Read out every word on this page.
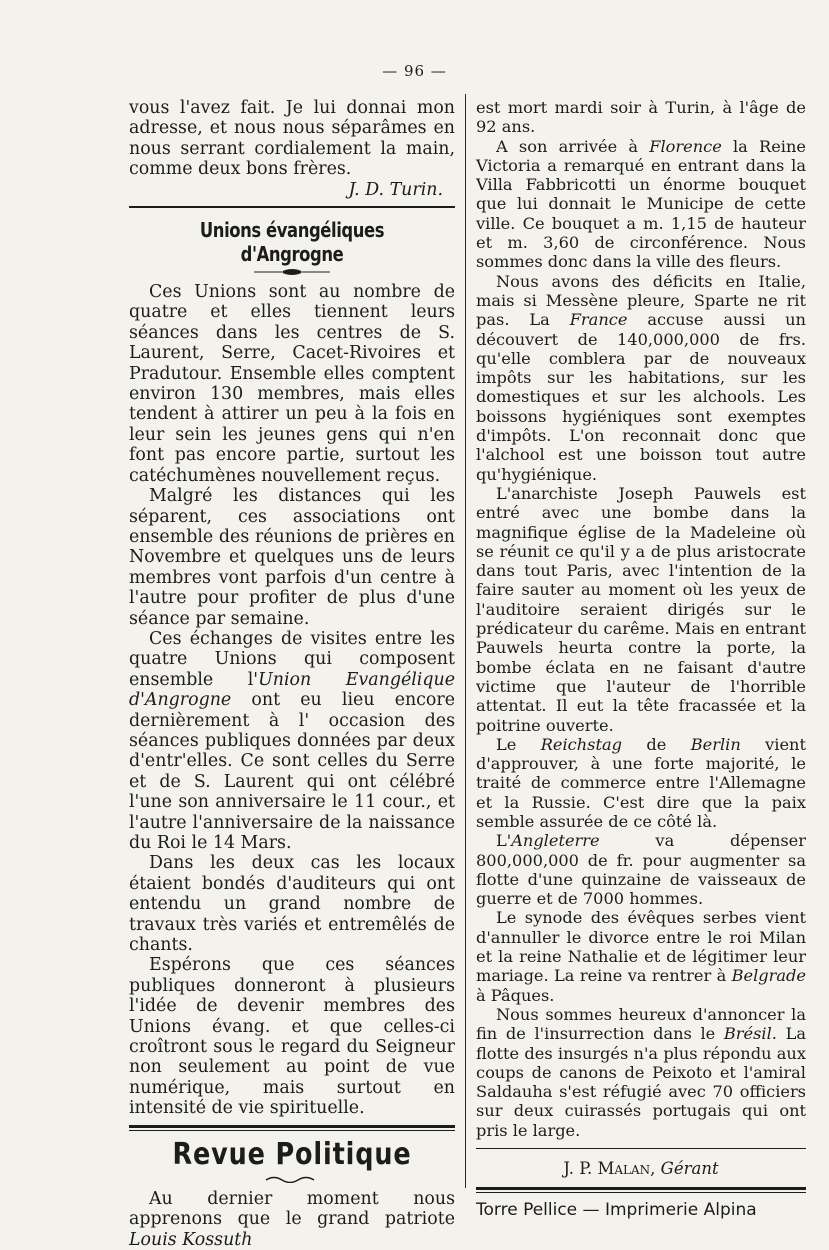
— 96 —

vous l'avez fait. Je lui donnai mon adresse, et nous nous séparâmes en nous serrant cordialement la main, comme deux bons frères.

J. D. Turin.

Unions évangéliques d'Angrogne

Ces Unions sont au nombre de quatre et elles tiennent leurs séances dans les centres de S. Laurent, Serre, Cacet-Rivoires et Pradutour. Ensemble elles comptent environ 130 membres, mais elles tendent à attirer un peu à la fois en leur sein les jeunes gens qui n'en font pas encore partie, surtout les catéchumènes nouvellement reçus.

Malgré les distances qui les séparent, ces associations ont ensemble des réunions de prières en Novembre et quelques uns de leurs membres vont parfois d'un centre à l'autre pour profiter de plus d'une séance par semaine.

Ces échanges de visites entre les quatre Unions qui composent ensemble l'Union Evangélique d'Angrogne ont eu lieu encore dernièrement à l' occasion des séances publiques données par deux d'entr'elles. Ce sont celles du Serre et de S. Laurent qui ont célébré l'une son anniversaire le 11 cour., et l'autre l'anniversaire de la naissance du Roi le 14 Mars.

Dans les deux cas les locaux étaient bondés d'auditeurs qui ont entendu un grand nombre de travaux très variés et entremêlés de chants.

Espérons que ces séances publiques donneront à plusieurs l'idée de devenir membres des Unions évang. et que celles-ci croîtront sous le regard du Seigneur non seulement au point de vue numérique, mais surtout en intensité de vie spirituelle.

Revue Politique

Au dernier moment nous apprenons que le grand patriote Louis Kossuth

est mort mardi soir à Turin, à l'âge de 92 ans.

A son arrivée à Florence la Reine Victoria a remarqué en entrant dans la Villa Fabbricotti un énorme bouquet que lui donnait le Municipe de cette ville. Ce bouquet a m. 1,15 de hauteur et m. 3,60 de circonférence. Nous sommes donc dans la ville des fleurs.

Nous avons des déficits en Italie, mais si Messène pleure, Sparte ne rit pas. La France accuse aussi un découvert de 140,000,000 de frs. qu'elle comblera par de nouveaux impôts sur les habitations, sur les domestiques et sur les alchools. Les boissons hygiéniques sont exemptes d'impôts. L'on reconnait donc que l'alchool est une boisson tout autre qu'hygiénique.

L'anarchiste Joseph Pauwels est entré avec une bombe dans la magnifique église de la Madeleine où se réunit ce qu'il y a de plus aristocrate dans tout Paris, avec l'intention de la faire sauter au moment où les yeux de l'auditoire seraient dirigés sur le prédicateur du carême. Mais en entrant Pauwels heurta contre la porte, la bombe éclata en ne faisant d'autre victime que l'auteur de l'horrible attentat. Il eut la tête fracassée et la poitrine ouverte.

Le Reichstag de Berlin vient d'approuver, à une forte majorité, le traité de commerce entre l'Allemagne et la Russie. C'est dire que la paix semble assurée de ce côté là.

L'Angleterre va dépenser 800,000,000 de fr. pour augmenter sa flotte d'une quinzaine de vaisseaux de guerre et de 7000 hommes.

Le synode des évêques serbes vient d'annuller le divorce entre le roi Milan et la reine Nathalie et de légitimer leur mariage. La reine va rentrer à Belgrade à Pâques.

Nous sommes heureux d'annoncer la fin de l'insurrection dans le Brésil. La flotte des insurgés n'a plus répondu aux coups de canons de Peixoto et l'amiral Saldauha s'est réfugié avec 70 officiers sur deux cuirassés portugais qui ont pris le large.

J. P. Malan, Gérant
Torre Pellice — Imprimerie Alpina
